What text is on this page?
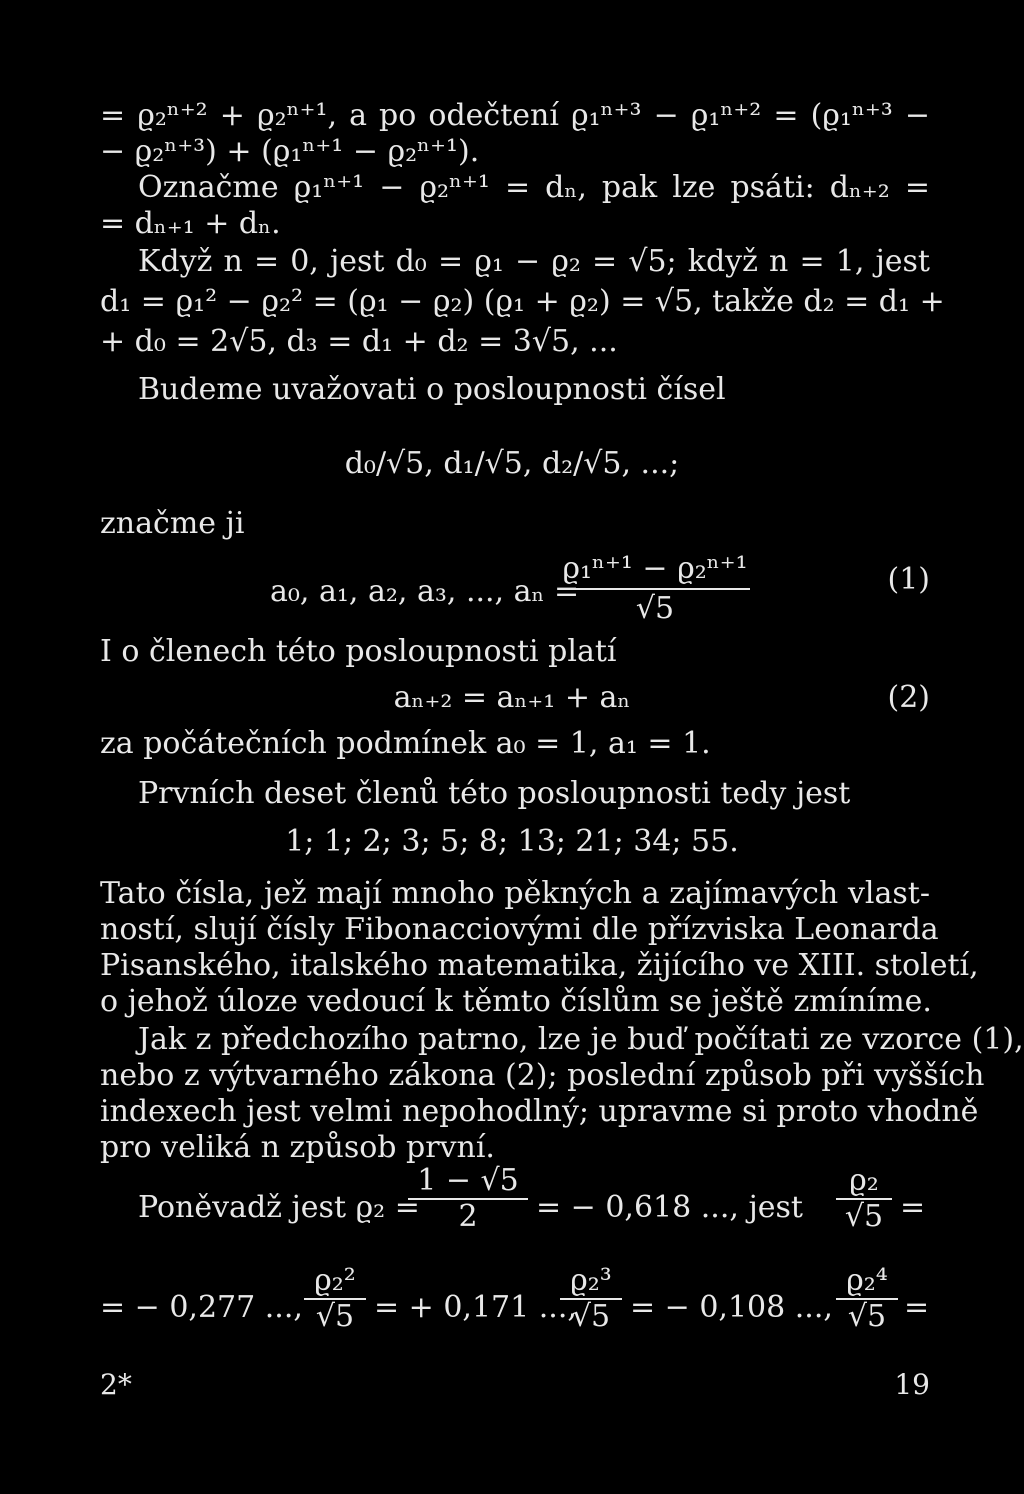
= ϱ₂ⁿ⁺² + ϱ₂ⁿ⁺¹, a po odečtení ϱ₁ⁿ⁺³ − ϱ₁ⁿ⁺² = (ϱ₁ⁿ⁺³ −
− ϱ₂ⁿ⁺³) + (ϱ₁ⁿ⁺¹ − ϱ₂ⁿ⁺¹).
Označme ϱ₁ⁿ⁺¹ − ϱ₂ⁿ⁺¹ = dₙ, pak lze psáti: dₙ₊₂ =
= dₙ₊₁ + dₙ.
Když n = 0, jest d₀ = ϱ₁ − ϱ₂ = √5; když n = 1, jest
d₁ = ϱ₁² − ϱ₂² = (ϱ₁ − ϱ₂) (ϱ₁ + ϱ₂) = √5, takže d₂ = d₁ +
+ d₀ = 2√5, d₃ = d₁ + d₂ = 3√5, ...
Budeme uvažovati o posloupnosti čísel
d₀/√5, d₁/√5, d₂/√5, ...;
značme ji
a₀, a₁, a₂, a₃, ..., aₙ =
$\frac{\text{ϱ₁ⁿ⁺¹ − ϱ₂ⁿ⁺¹}}{√5}$	(1)
I o členech této posloupnosti platí
aₙ₊₂ = aₙ₊₁ + aₙ	(2)
za počátečních podmínek a₀ = 1, a₁ = 1.
Prvních deset členů této posloupnosti tedy jest
1; 1; 2; 3; 5; 8; 13; 21; 34; 55.
Tato čísla, jež mají mnoho pěkných a zajímavých vlast-
ností, slují čísly Fibonacciovými dle přízviska Leonarda
Pisanského, italského matematika, žijícího ve XIII. století,
o jehož úloze vedoucí k těmto číslům se ještě zmíníme.
Jak z předchozího patrno, lze je buď počítati ze vzorce (1),
nebo z výtvarného zákona (2); poslední způsob při vyšších
indexech jest velmi nepohodlný; upravme si proto vhodně
pro veliká n způsob první.
Poněvadž jest ϱ₂ =
$\frac{1 - √5}{2}$ = − 0,618 ..., jest $\frac{\text{ϱ₂}}{√5}$ =
= − 0,277 ..., $\frac{\text{ϱ₂²}}{√5}$ = + 0,171 ...,
$\frac{\text{ϱ₂³}}{√5}$ = − 0,108 ..., $\frac{\text{ϱ₂⁴}}{√5}$ =
2*	19
